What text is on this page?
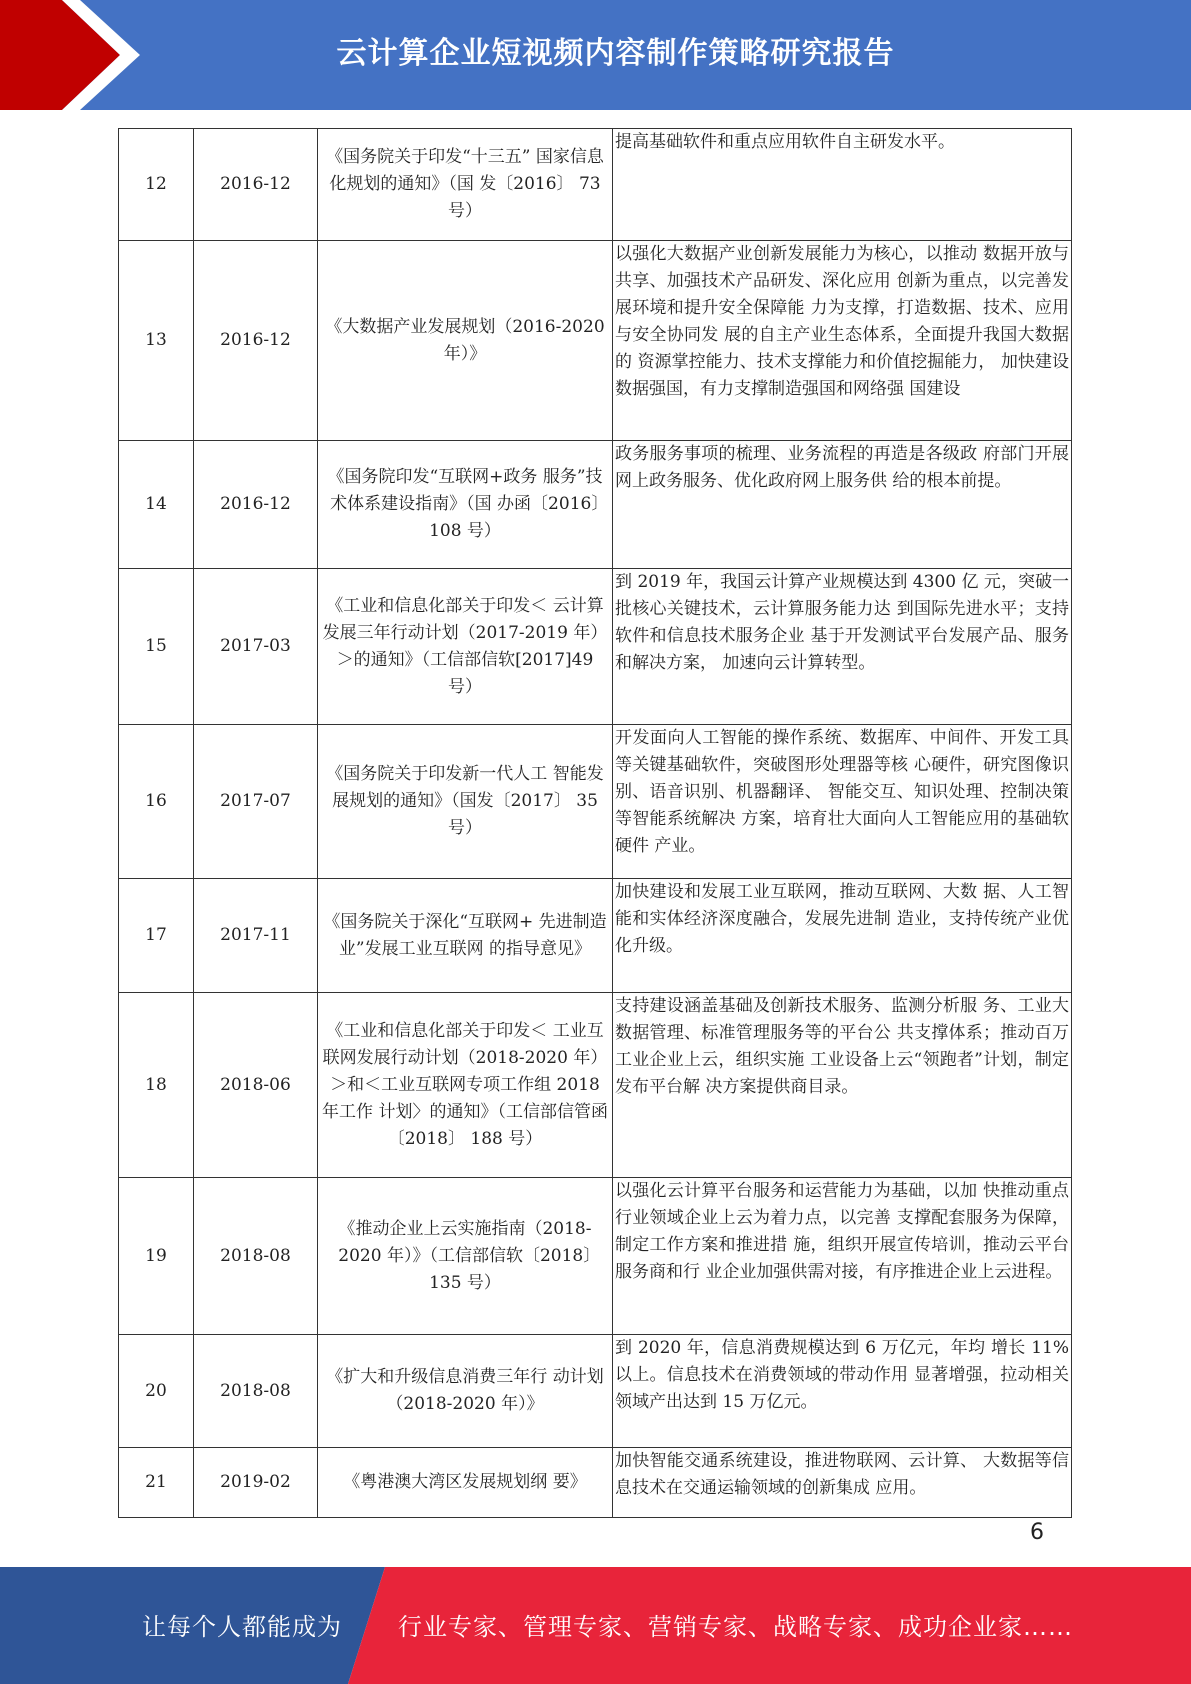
云计算企业短视频内容制作策略研究报告
12	2016-12	《国务院关于印发“十三五” 国家信息化规划的通知》（国 发〔2016〕 73 号）	提高基础软件和重点应用软件自主研发水平。
13	2016-12	《大数据产业发展规划（2016-2020 年）》	以强化大数据产业创新发展能力为核心，以推动 数据开放与共享、加强技术产品研发、深化应用 创新为重点，以完善发展环境和提升安全保障能 力为支撑，打造数据、技术、应用与安全协同发 展的自主产业生态体系，全面提升我国大数据的 资源掌控能力、技术支撑能力和价值挖掘能力， 加快建设数据强国，有力支撑制造强国和网络强 国建设
14	2016-12	《国务院印发“互联网+政务 服务”技术体系建设指南》（国 办函〔2016〕　108 号）	政务服务事项的梳理、业务流程的再造是各级政 府部门开展网上政务服务、优化政府网上服务供 给的根本前提。
15	2017-03	《工业和信息化部关于印发＜ 云计算发展三年行动计划（2017-2019 年）＞的通知》（工信部信软[2017]49 号）	到 2019 年，我国云计算产业规模达到 4300 亿 元，突破一批核心关键技术，云计算服务能力达 到国际先进水平；支持软件和信息技术服务企业 基于开发测试平台发展产品、服务和解决方案， 加速向云计算转型。
16	2017-07	《国务院关于印发新一代人工 智能发展规划的通知》（国发〔2017〕 35 号）	开发面向人工智能的操作系统、数据库、中间件、开发工具等关键基础软件，突破图形处理器等核 心硬件，研究图像识别、语音识别、机器翻译、 智能交互、知识处理、控制决策等智能系统解决 方案，培育壮大面向人工智能应用的基础软硬件 产业。
17	2017-11	《国务院关于深化“互联网+ 先进制造业”发展工业互联网 的指导意见》	加快建设和发展工业互联网，推动互联网、大数 据、人工智能和实体经济深度融合，发展先进制 造业，支持传统产业优化升级。
18	2018-06	《工业和信息化部关于印发＜ 工业互联网发展行动计划（2018-2020 年）＞和＜工业互联网专项工作组 2018 年工作 计划〉的通知》（工信部信管函〔2018〕 188 号）	支持建设涵盖基础及创新技术服务、监测分析服 务、工业大数据管理、标准管理服务等的平台公 共支撑体系；推动百万工业企业上云，组织实施 工业设备上云“领跑者”计划，制定发布平台解 决方案提供商目录。
19	2018-08	《推动企业上云实施指南（2018-2020 年）》（工信部信软〔2018〕　135 号）	以强化云计算平台服务和运营能力为基础，以加 快推动重点行业领域企业上云为着力点，以完善 支撑配套服务为保障，制定工作方案和推进措 施，组织开展宣传培训，推动云平台服务商和行 业企业加强供需对接，有序推进企业上云进程。
20	2018-08	《扩大和升级信息消费三年行 动计划（2018-2020 年）》	到 2020 年，信息消费规模达到 6 万亿元，年均 增长 11%以上。信息技术在消费领域的带动作用 显著增强，拉动相关领域产出达到 15 万亿元。
21	2019-02	《粤港澳大湾区发展规划纲 要》	加快智能交通系统建设，推进物联网、云计算、 大数据等信息技术在交通运输领域的创新集成 应用。
6
让每个人都能成为 行业专家、管理专家、营销专家、战略专家、成功企业家……
